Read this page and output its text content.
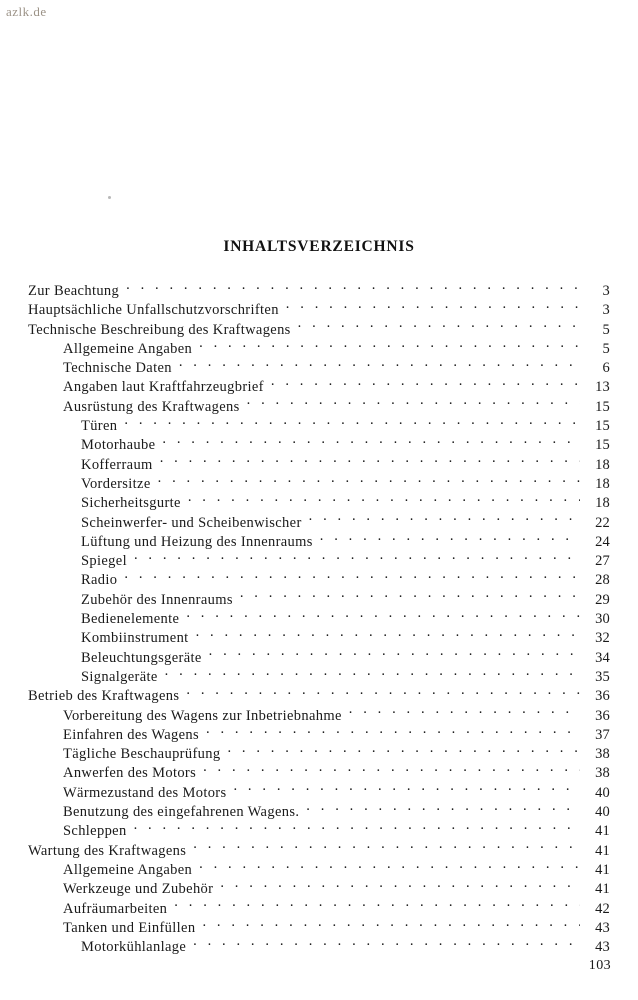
azlk.de
INHALTSVERZEICHNIS
Zur Beachtung . . .	3
Hauptsächliche Unfallschutzvorschriften . . .	3
Technische Beschreibung des Kraftwagens . . .	5
Allgemeine Angaben . . .	5
Technische Daten . . .	6
Angaben laut Kraftfahrzeugbrief . . .	13
Ausrüstung des Kraftwagens . . .	15
Türen . . .	15
Motorhaube . . .	15
Kofferraum . . .	18
Vordersitze . . .	18
Sicherheitsgurte . . .	18
Scheinwerfer- und Scheibenwischer . . .	22
Lüftung und Heizung des Innenraums . . .	24
Spiegel . . .	27
Radio . . .	28
Zubehör des Innenraums . . .	29
Bedienelemente . . .	30
Kombiinstrument . . .	32
Beleuchtungsgeräte . . .	34
Signalgeräte . . .	35
Betrieb des Kraftwagens . . .	36
Vorbereitung des Wagens zur Inbetriebnahme . . .	36
Einfahren des Wagens . . .	37
Tägliche Beschauprüfung . . .	38
Anwerfen des Motors . . .	38
Wärmezustand des Motors . . .	40
Benutzung des eingefahrenen Wagens. . . .	40
Schleppen . . .	41
Wartung des Kraftwagens . . .	41
Allgemeine Angaben . . .	41
Werkzeuge und Zubehör . . .	41
Aufräumarbeiten . . .	42
Tanken und Einfüllen . . .	43
Motorkühlanlage . . .	43
103
